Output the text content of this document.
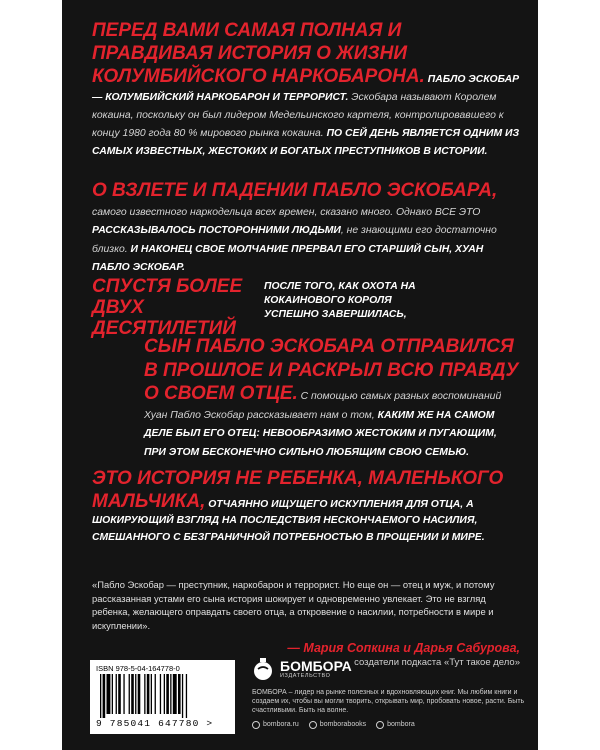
ПЕРЕД ВАМИ САМАЯ ПОЛНАЯ И ПРАВДИВАЯ ИСТОРИЯ О ЖИЗНИ КОЛУМБИЙСКОГО НАРКОБАРОНА. ПАБЛО ЭСКОБАР — КОЛУМБИЙСКИЙ НАРКОБАРОН И ТЕРРОРИСТ. Эскобара называют Королем кокаина, поскольку он был лидером Медельинского картеля, контролировавшего к концу 1980 года 80 % мирового рынка кокаина. ПО СЕЙ ДЕНЬ ЯВЛЯЕТСЯ ОДНИМ ИЗ САМЫХ ИЗВЕСТНЫХ, ЖЕСТОКИХ И БОГАТЫХ ПРЕСТУПНИКОВ В ИСТОРИИ.

О ВЗЛЕТЕ И ПАДЕНИИ ПАБЛО ЭСКОБАРА,
самого известного наркодельца всех времен, сказано много. Однако ВСЕ ЭТО РАССКАЗЫВАЛОСЬ ПОСТОРОННИМИ ЛЮДЬМИ, не знающими его достаточно близко. И НАКОНЕЦ СВОЕ МОЛЧАНИЕ ПРЕРВАЛ ЕГО СТАРШИЙ СЫН, ХУАН ПАБЛО ЭСКОБАР.

СПУСТЯ БОЛЕЕ ДВУХ ДЕСЯТИЛЕТИЙПОСЛЕ ТОГО, КАК ОХОТА НА КОКАИНОВОГО КОРОЛЯ УСПЕШНО ЗАВЕРШИЛАСЬ,

СЫН ПАБЛО ЭСКОБАРА ОТПРАВИЛСЯ В ПРОШЛОЕ И РАСКРЫЛ ВСЮ ПРАВДУ О СВОЕМ ОТЦЕ. С помощью самых разных воспоминаний Хуан Пабло Эскобар рассказывает нам о том, КАКИМ ЖЕ НА САМОМ ДЕЛЕ БЫЛ ЕГО ОТЕЦ: НЕВООБРАЗИМО ЖЕСТОКИМ И ПУГАЮЩИМ, ПРИ ЭТОМ БЕСКОНЕЧНО СИЛЬНО ЛЮБЯЩИМ СВОЮ СЕМЬЮ.

ЭТО ИСТОРИЯ НЕ РЕБЕНКА, МАЛЕНЬКОГО МАЛЬЧИКА, ОТЧАЯННО ИЩУЩЕГО ИСКУПЛЕНИЯ ДЛЯ ОТЦА, А ШОКИРУЮЩИЙ ВЗГЛЯД НА ПОСЛЕДСТВИЯ НЕСКОНЧАЕМОГО НАСИЛИЯ, СМЕШАННОГО С БЕЗГРАНИЧНОЙ ПОТРЕБНОСТЬЮ В ПРОЩЕНИИ И МИРЕ.

«Пабло Эскобар — преступник, наркобарон и террорист. Но еще он — отец и муж, и потому рассказанная устами его сына история шокирует и одновременно увлекает. Это не взгляд ребенка, желающего оправдать своего отца, а откровение о насилии, потребности в мире и искуплении».

— Мария Сопкина и Дарья Сабурова,
создатели подкаста «Тут такое дело»
ISBN 978-5-04-164778-0
9 785041 647780 >
БОМБОРА
ИЗДАТЕЛЬСТВО
БОМБОРА – лидер на рынке полезных и вдохновляющих книг. Мы любим книги и создаем их, чтобы вы могли творить, открывать мир, пробовать новое, расти. Быть счастливыми. Быть на волне.
bombora.ru	bomborabooks	bombora
